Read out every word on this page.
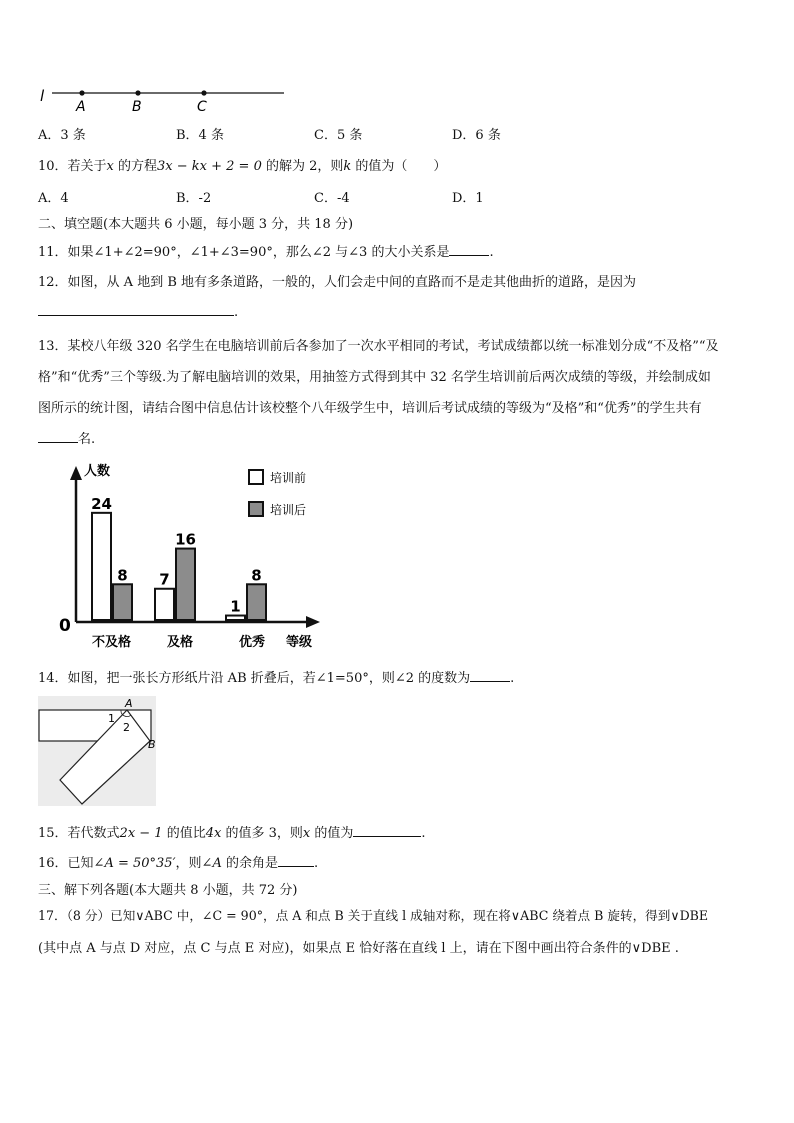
l
A	B	C
A．3 条	B．4 条	C．5 条	D．6 条
10．若关于x 的方程3x − kx + 2 = 0 的解为 2，则k 的值为（　　）
A．4	B．-2	C．-4	D．1
二、填空题(本大题共 6 小题，每小题 3 分，共 18 分)
11．如果∠1+∠2=90°，∠1+∠3=90°，那么∠2 与∠3 的大小关系是	.
12．如图，从 A 地到 B 地有多条道路，一般的，人们会走中间的直路而不是走其他曲折的道路，是因为
.
13．某校八年级 320 名学生在电脑培训前后各参加了一次水平相同的考试，考试成绩都以统一标准划分成“不及格”“及
格”和“优秀”三个等级.为了解电脑培训的效果，用抽签方式得到其中 32 名学生培训前后两次成绩的等级，并绘制成如
图所示的统计图，请结合图中信息估计该校整个八年级学生中，培训后考试成绩的等级为“及格”和“优秀”的学生共有
名.
人数
0
等级
不及格	及格	优秀
培训前
培训后
24
8 7
16
1
8
14．如图，把一张长方形纸片沿 AB 折叠后，若∠1=50°，则∠2 的度数为	.
A
B
1
2
15．若代数式2x − 1 的值比4x 的值多 3，则x 的值为	.
16．已知∠A = 50°35′，则∠A 的余角是	.
三、解下列各题(本大题共 8 小题，共 72 分)
17．（8 分）已知∨ABC 中，∠C = 90°，点 A 和点 B 关于直线 l 成轴对称，现在将∨ABC 绕着点 B 旋转，得到∨DBE
(其中点 A 与点 D 对应，点 C 与点 E 对应)，如果点 E 恰好落在直线 l 上，请在下图中画出符合条件的∨DBE .
